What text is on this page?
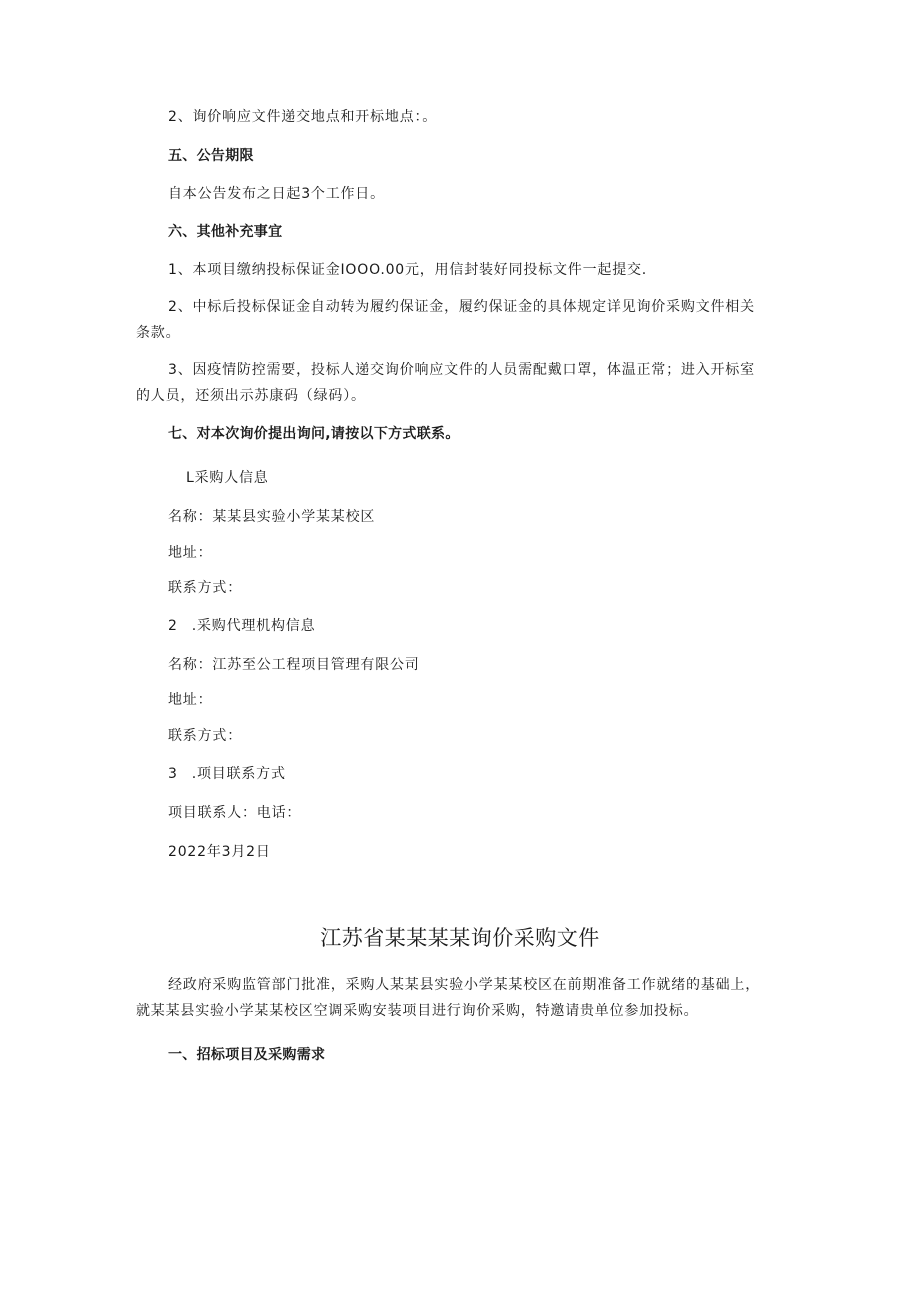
2、询价响应文件递交地点和开标地点：。
五、公告期限
自本公告发布之日起3个工作日。
六、其他补充事宜
1、本项目缴纳投标保证金IOOO.00元，用信封装好同投标文件一起提交.
2、中标后投标保证金自动转为履约保证金，履约保证金的具体规定详见询价采购文件相关
条款。
3、因疫情防控需要，投标人递交询价响应文件的人员需配戴口罩，体温正常；进入开标室
的人员，还须出示苏康码（绿码）。
七、对本次询价提出询问,请按以下方式联系。
L采购人信息
名称：某某县实验小学某某校区
地址：
联系方式：
2 .采购代理机构信息
名称：江苏至公工程项目管理有限公司
地址：
联系方式：
3 .项目联系方式
项目联系人：电话：
2022年3月2日
江苏省某某某某询价采购文件
经政府采购监管部门批准，采购人某某县实验小学某某校区在前期准备工作就绪的基础上，
就某某县实验小学某某校区空调采购安装项目进行询价采购，特邀请贵单位参加投标。
一、招标项目及采购需求
